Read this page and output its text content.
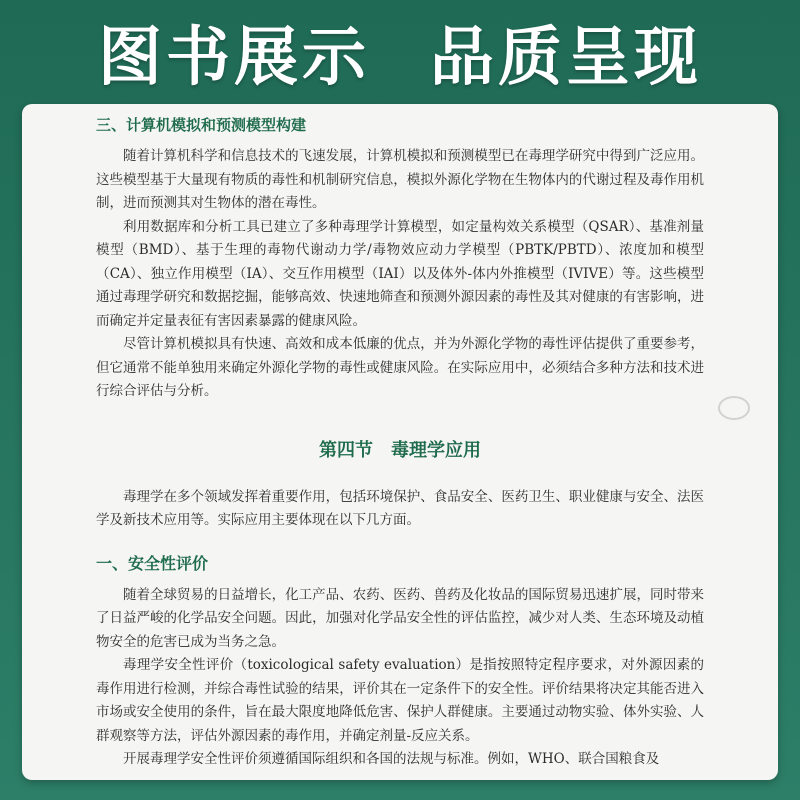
图书展示 品质呈现

三、计算机模拟和预测模型构建

随着计算机科学和信息技术的飞速发展，计算机模拟和预测模型已在毒理学研究中得到广泛应用。这些模型基于大量现有物质的毒性和机制研究信息，模拟外源化学物在生物体内的代谢过程及毒作用机制，进而预测其对生物体的潜在毒性。

利用数据库和分析工具已建立了多种毒理学计算模型，如定量构效关系模型（QSAR）、基准剂量模型（BMD）、基于生理的毒物代谢动力学/毒物效应动力学模型（PBTK/PBTD）、浓度加和模型（CA）、独立作用模型（IA）、交互作用模型（IAI）以及体外-体内外推模型（IVIVE）等。这些模型通过毒理学研究和数据挖掘，能够高效、快速地筛查和预测外源因素的毒性及其对健康的有害影响，进而确定并定量表征有害因素暴露的健康风险。

尽管计算机模拟具有快速、高效和成本低廉的优点，并为外源化学物的毒性评估提供了重要参考，但它通常不能单独用来确定外源化学物的毒性或健康风险。在实际应用中，必须结合多种方法和技术进行综合评估与分析。

第四节　毒理学应用

毒理学在多个领域发挥着重要作用，包括环境保护、食品安全、医药卫生、职业健康与安全、法医学及新技术应用等。实际应用主要体现在以下几方面。

一、安全性评价

随着全球贸易的日益增长，化工产品、农药、医药、兽药及化妆品的国际贸易迅速扩展，同时带来了日益严峻的化学品安全问题。因此，加强对化学品安全性的评估监控，减少对人类、生态环境及动植物安全的危害已成为当务之急。

毒理学安全性评价（toxicological safety evaluation）是指按照特定程序要求，对外源因素的毒作用进行检测，并综合毒性试验的结果，评价其在一定条件下的安全性。评价结果将决定其能否进入市场或安全使用的条件，旨在最大限度地降低危害、保护人群健康。主要通过动物实验、体外实验、人群观察等方法，评估外源因素的毒作用，并确定剂量-反应关系。

开展毒理学安全性评价须遵循国际组织和各国的法规与标准。例如，WHO、联合国粮食及
